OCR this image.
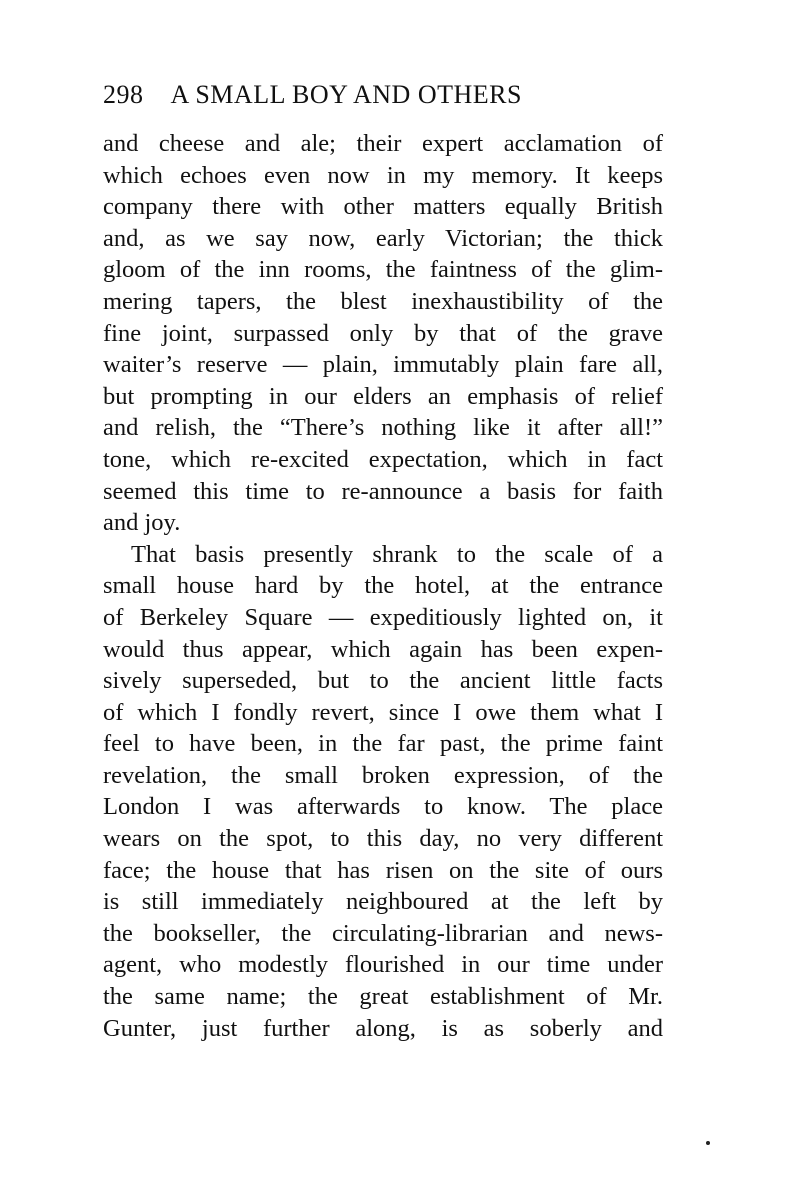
298 A SMALL BOY AND OTHERS
and cheese and ale; their expert acclamation of
which echoes even now in my memory. It keeps
company there with other matters equally British
and, as we say now, early Victorian; the thick
gloom of the inn rooms, the faintness of the glim-
mering tapers, the blest inexhaustibility of the
fine joint, surpassed only by that of the grave
waiter’s reserve — plain, immutably plain fare all,
but prompting in our elders an emphasis of relief
and relish, the “There’s nothing like it after all!”
tone, which re-excited expectation, which in fact
seemed this time to re-announce a basis for faith
and joy.
That basis presently shrank to the scale of a
small house hard by the hotel, at the entrance
of Berkeley Square — expeditiously lighted on, it
would thus appear, which again has been expen-
sively superseded, but to the ancient little facts
of which I fondly revert, since I owe them what I
feel to have been, in the far past, the prime faint
revelation, the small broken expression, of the
London I was afterwards to know. The place
wears on the spot, to this day, no very different
face; the house that has risen on the site of ours
is still immediately neighboured at the left by
the bookseller, the circulating-librarian and news-
agent, who modestly flourished in our time under
the same name; the great establishment of Mr.
Gunter, just further along, is as soberly and
